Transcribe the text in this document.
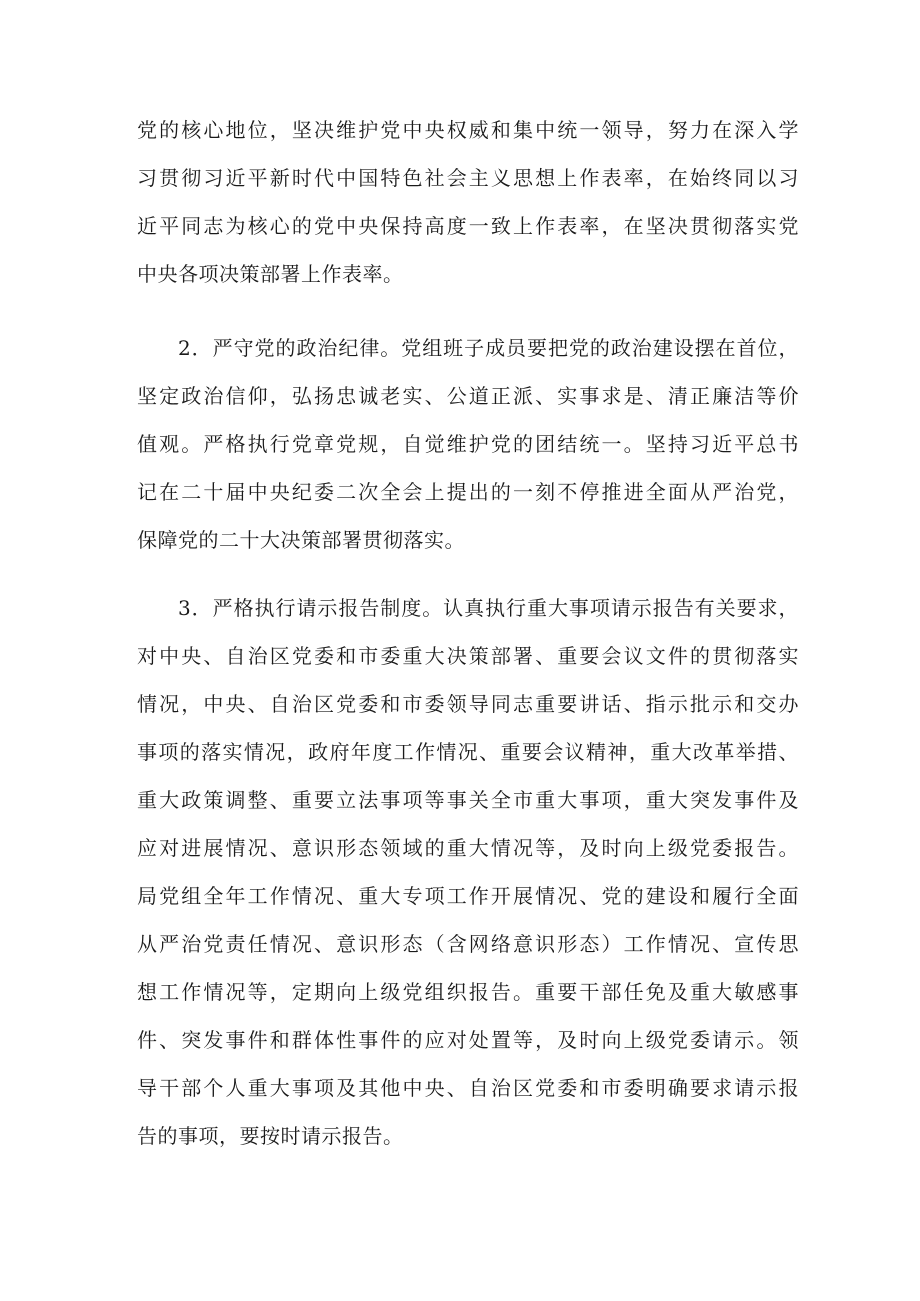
党的核心地位，坚决维护党中央权威和集中统一领导，努力在深入学
习贯彻习近平新时代中国特色社会主义思想上作表率，在始终同以习
近平同志为核心的党中央保持高度一致上作表率，在坚决贯彻落实党
中央各项决策部署上作表率。
2．严守党的政治纪律。党组班子成员要把党的政治建设摆在首位，
坚定政治信仰，弘扬忠诚老实、公道正派、实事求是、清正廉洁等价
值观。严格执行党章党规，自觉维护党的团结统一。坚持习近平总书
记在二十届中央纪委二次全会上提出的一刻不停推进全面从严治党，
保障党的二十大决策部署贯彻落实。
3．严格执行请示报告制度。认真执行重大事项请示报告有关要求，
对中央、自治区党委和市委重大决策部署、重要会议文件的贯彻落实
情况，中央、自治区党委和市委领导同志重要讲话、指示批示和交办
事项的落实情况，政府年度工作情况、重要会议精神，重大改革举措、
重大政策调整、重要立法事项等事关全市重大事项，重大突发事件及
应对进展情况、意识形态领域的重大情况等，及时向上级党委报告。
局党组全年工作情况、重大专项工作开展情况、党的建设和履行全面
从严治党责任情况、意识形态（含网络意识形态）工作情况、宣传思
想工作情况等，定期向上级党组织报告。重要干部任免及重大敏感事
件、突发事件和群体性事件的应对处置等，及时向上级党委请示。领
导干部个人重大事项及其他中央、自治区党委和市委明确要求请示报
告的事项，要按时请示报告。
